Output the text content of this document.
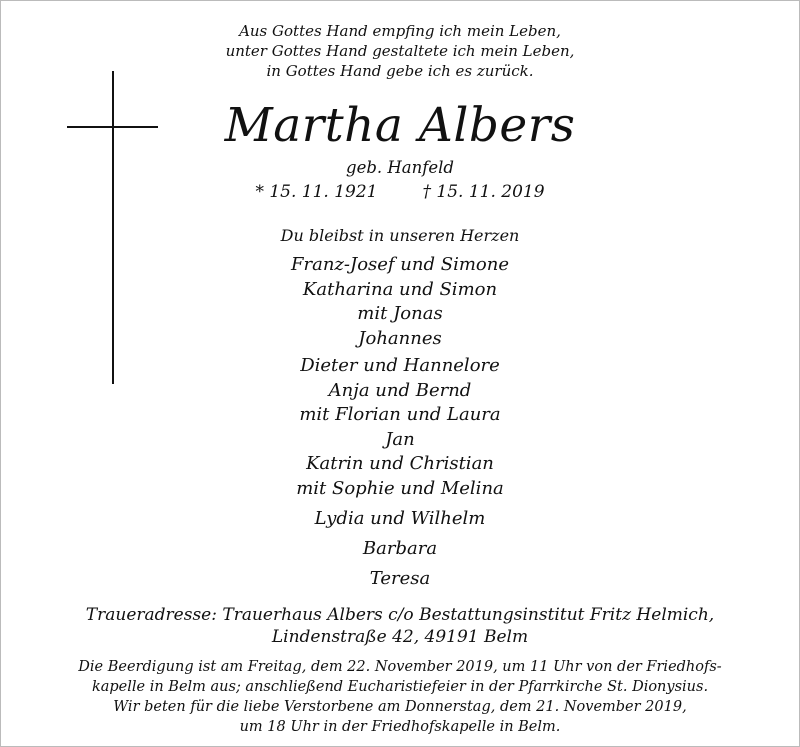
Aus Gottes Hand empfing ich mein Leben,
unter Gottes Hand gestaltete ich mein Leben,
in Gottes Hand gebe ich es zurück.
Martha Albers
geb. Hanfeld
* 15. 11. 1921	† 15. 11. 2019
Du bleibst in unseren Herzen
Franz-Josef und Simone
Katharina und Simon
mit Jonas
Johannes
Dieter und Hannelore
Anja und Bernd
mit Florian und Laura
Jan
Katrin und Christian
mit Sophie und Melina
Lydia und Wilhelm
Barbara
Teresa
Traueradresse: Trauerhaus Albers c/o Bestattungsinstitut Fritz Helmich,
Lindenstraße 42, 49191 Belm
Die Beerdigung ist am Freitag, dem 22. November 2019, um 11 Uhr von der Friedhofs-
kapelle in Belm aus; anschließend Eucharistiefeier in der Pfarrkirche St. Dionysius.
Wir beten für die liebe Verstorbene am Donnerstag, dem 21. November 2019,
um 18 Uhr in der Friedhofskapelle in Belm.
